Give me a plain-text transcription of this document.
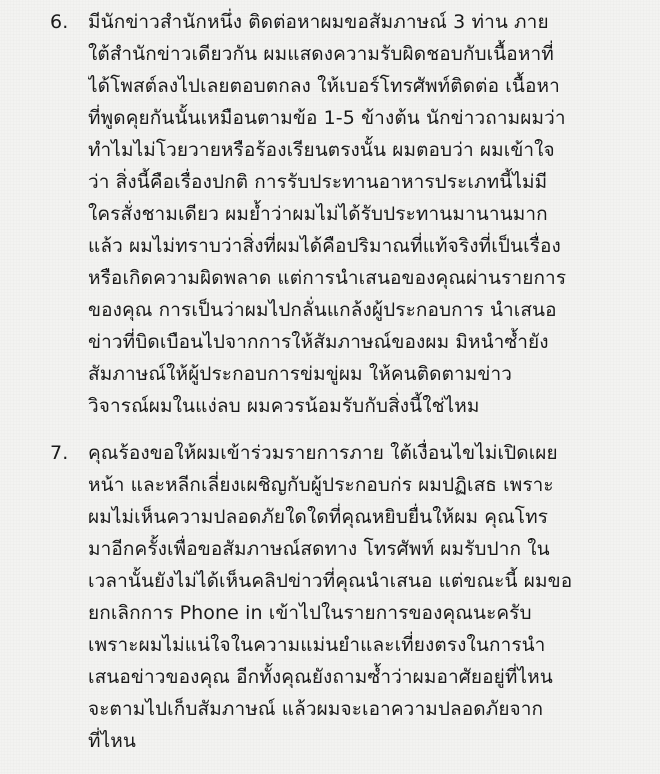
6. มีนักข่าวสำนักหนึ่ง ติดต่อหาผมขอสัมภาษณ์ 3 ท่าน ภาย
ใต้สำนักข่าวเดียวกัน ผมแสดงความรับผิดชอบกับเนื้อหาที่
ได้โพสต์ลงไปเลยตอบตกลง ให้เบอร์โทรศัพท์ติดต่อ เนื้อหา
ที่พูดคุยกันนั้นเหมือนตามข้อ 1-5 ข้างต้น นักข่าวถามผมว่า
ทำไมไม่โวยวายหรือร้องเรียนตรงนั้น ผมตอบว่า ผมเข้าใจ
ว่า สิ่งนี้คือเรื่องปกติ การรับประทานอาหารประเภทนี้ไม่มี
ใครสั่งชามเดียว ผมย้ำว่าผมไม่ได้รับประทานมานานมาก
แล้ว ผมไม่ทราบว่าสิ่งที่ผมได้คือปริมาณที่แท้จริงที่เป็นเรื่อง
หรือเกิดความผิดพลาด แต่การนำเสนอของคุณผ่านรายการ
ของคุณ การเป็นว่าผมไปกลั่นแกล้งผู้ประกอบการ นำเสนอ
ข่าวที่บิดเบือนไปจากการให้สัมภาษณ์ของผม มิหนำซ้ำยัง
สัมภาษณ์ให้ผู้ประกอบการข่มขู่ผม ให้คนติดตามข่าว
วิจารณ์ผมในแง่ลบ ผมควรน้อมรับกับสิ่งนี้ใช่ไหม
7. คุณร้องขอให้ผมเข้าร่วมรายการภาย ใต้เงื่อนไขไม่เปิดเผย
หน้า และหลีกเลี่ยงเผชิญกับผู้ประกอบก่ร ผมปฏิเสธ เพราะ
ผมไม่เห็นความปลอดภัยใดใดที่คุณหยิบยื่นให้ผม คุณโทร
มาอีกครั้งเพื่อขอสัมภาษณ์สดทาง โทรศัพท์ ผมรับปาก ใน
เวลานั้นยังไม่ได้เห็นคลิปข่าวที่คุณนำเสนอ แต่ขณะนี้ ผมขอ
ยกเลิกการ Phone in เข้าไปในรายการของคุณนะครับ
เพราะผมไม่แน่ใจในความแม่นยำและเที่ยงตรงในการนำ
เสนอข่าวของคุณ อีกทั้งคุณยังถามซ้ำว่าผมอาศัยอยู่ที่ไหน
จะตามไปเก็บสัมภาษณ์ แล้วผมจะเอาความปลอดภัยจาก
ที่ไหน
